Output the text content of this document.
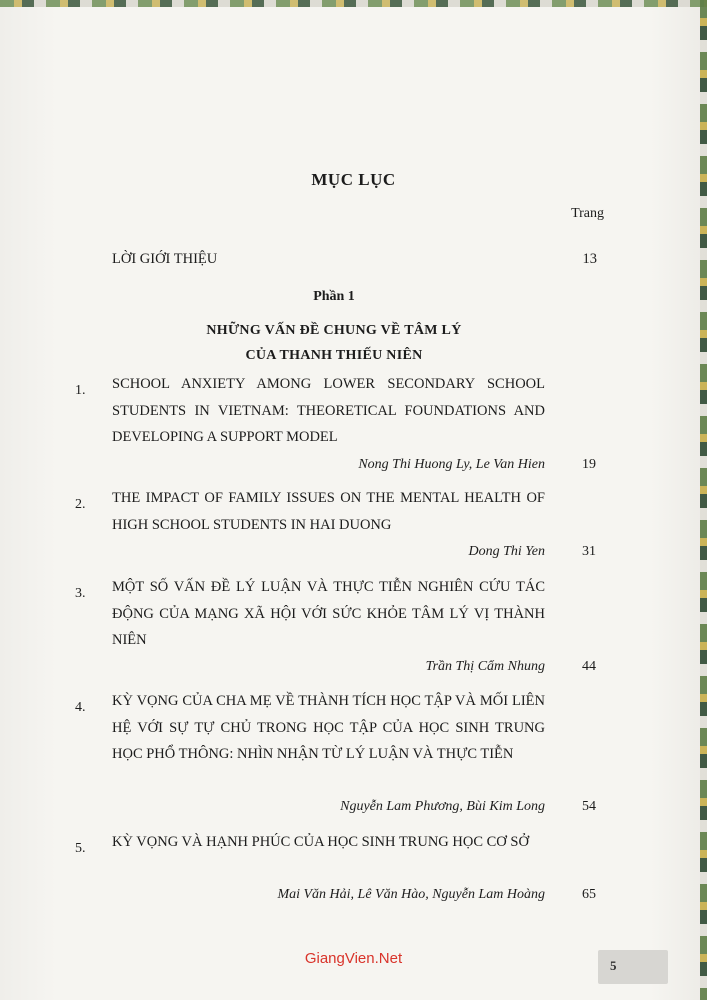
MỤC LỤC
Trang
LỜI GIỚI THIỆU	13
Phần 1
NHỮNG VẤN ĐỀ CHUNG VỀ TÂM LÝ
CỦA THANH THIẾU NIÊN
1. SCHOOL ANXIETY AMONG LOWER SECONDARY SCHOOL STUDENTS IN VIETNAM: THEORETICAL FOUNDATIONS AND DEVELOPING A SUPPORT MODEL
Nong Thi Huong Ly, Le Van Hien	19
2. THE IMPACT OF FAMILY ISSUES ON THE MENTAL HEALTH OF HIGH SCHOOL STUDENTS IN HAI DUONG
Dong Thi Yen	31
3. MỘT SỐ VẤN ĐỀ LÝ LUẬN VÀ THỰC TIỄN NGHIÊN CỨU TÁC ĐỘNG CỦA MẠNG XÃ HỘI VỚI SỨC KHỎE TÂM LÝ VỊ THÀNH NIÊN
Trần Thị Cẩm Nhung	44
4. KỲ VỌNG CỦA CHA MẸ VỀ THÀNH TÍCH HỌC TẬP VÀ MỐI LIÊN HỆ VỚI SỰ TỰ CHỦ TRONG HỌC TẬP CỦA HỌC SINH TRUNG HỌC PHỔ THÔNG: NHÌN NHẬN TỪ LÝ LUẬN VÀ THỰC TIỄN
Nguyễn Lam Phương, Bùi Kim Long	54
5. KỲ VỌNG VÀ HẠNH PHÚC CỦA HỌC SINH TRUNG HỌC CƠ SỞ
Mai Văn Hải, Lê Văn Hào, Nguyễn Lam Hoàng	65
GiangVien.Net	5
